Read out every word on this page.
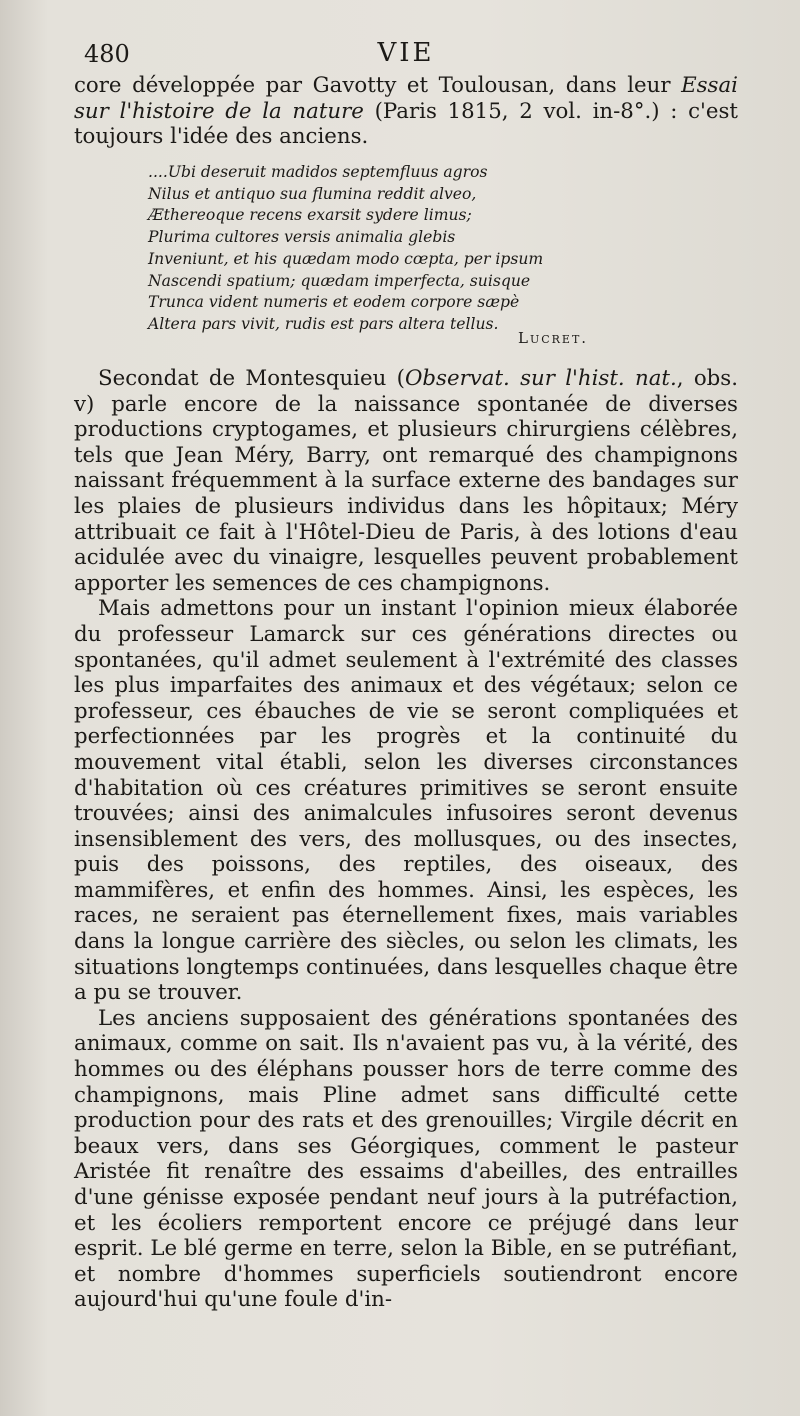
480	VIE

core développée par Gavotty et Toulousan, dans leur Essai sur l'histoire de la nature (Paris 1815, 2 vol. in-8°.) : c'est toujours l'idée des anciens.

....Ubi deseruit madidos septemfluus agros
Nilus et antiquo sua flumina reddit alveo,
Æthereoque recens exarsit sydere limus;
Plurima cultores versis animalia glebis
Inveniunt, et his quædam modo cœpta, per ipsum
Nascendi spatium; quædam imperfecta, suisque
Trunca vident numeris et eodem corpore sæpè
Altera pars vivit, rudis est pars altera tellus.
Lucret.

Secondat de Montesquieu (Observat. sur l'hist. nat., obs. v) parle encore de la naissance spontanée de diverses productions cryptogames, et plusieurs chirurgiens célèbres, tels que Jean Méry, Barry, ont remarqué des champignons naissant fréquemment à la surface externe des bandages sur les plaies de plusieurs individus dans les hôpitaux; Méry attribuait ce fait à l'Hôtel-Dieu de Paris, à des lotions d'eau acidulée avec du vinaigre, lesquelles peuvent probablement apporter les semences de ces champignons.

Mais admettons pour un instant l'opinion mieux élaborée du professeur Lamarck sur ces générations directes ou spontanées, qu'il admet seulement à l'extrémité des classes les plus imparfaites des animaux et des végétaux; selon ce professeur, ces ébauches de vie se seront compliquées et perfectionnées par les progrès et la continuité du mouvement vital établi, selon les diverses circonstances d'habitation où ces créatures primitives se seront ensuite trouvées; ainsi des animalcules infusoires seront devenus insensiblement des vers, des mollusques, ou des insectes, puis des poissons, des reptiles, des oiseaux, des mammifères, et enfin des hommes. Ainsi, les espèces, les races, ne seraient pas éternellement fixes, mais variables dans la longue carrière des siècles, ou selon les climats, les situations longtemps continuées, dans lesquelles chaque être a pu se trouver.

Les anciens supposaient des générations spontanées des animaux, comme on sait. Ils n'avaient pas vu, à la vérité, des hommes ou des éléphans pousser hors de terre comme des champignons, mais Pline admet sans difficulté cette production pour des rats et des grenouilles; Virgile décrit en beaux vers, dans ses Géorgiques, comment le pasteur Aristée fit renaître des essaims d'abeilles, des entrailles d'une génisse exposée pendant neuf jours à la putréfaction, et les écoliers remportent encore ce préjugé dans leur esprit. Le blé germe en terre, selon la Bible, en se putréfiant, et nombre d'hommes superficiels soutiendront encore aujourd'hui qu'une foule d'in-
